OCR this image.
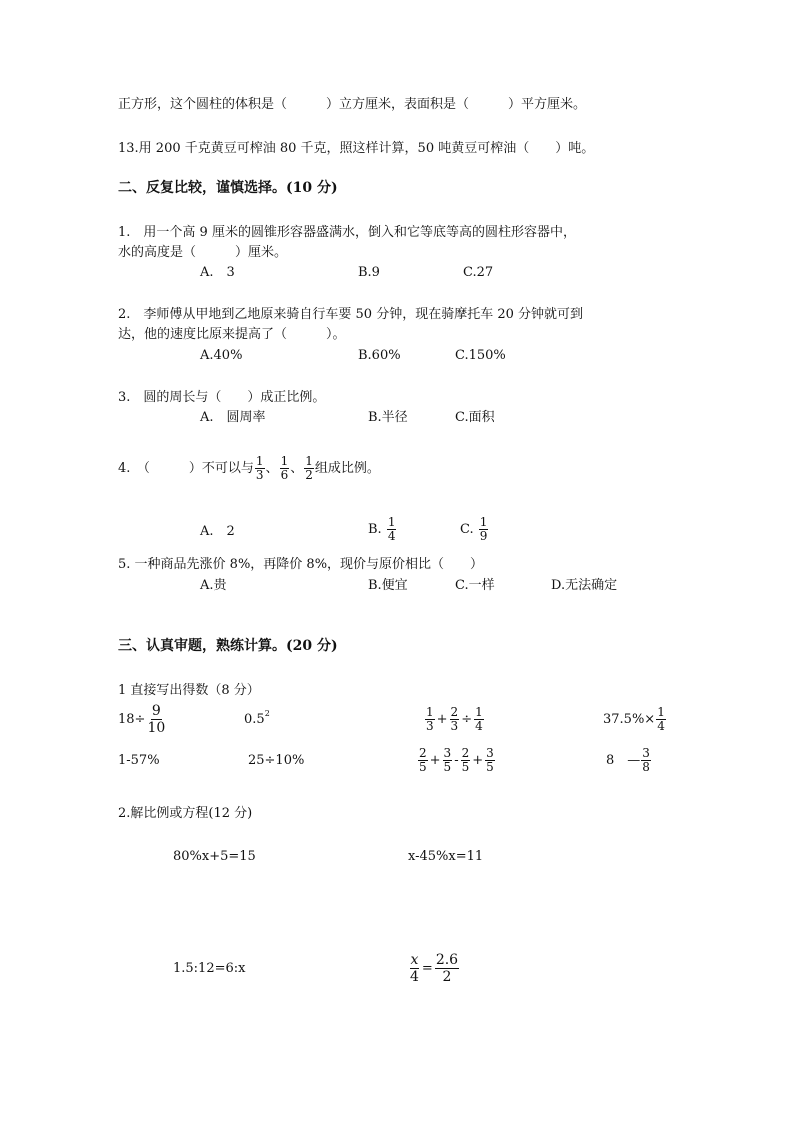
正方形，这个圆柱的体积是（　　　）立方厘米，表面积是（　　　）平方厘米。
13.用 200 千克黄豆可榨油 80 千克，照这样计算，50 吨黄豆可榨油（　　）吨。
二、反复比较，谨慎选择。(10 分)
1.　用一个高 9 厘米的圆锥形容器盛满水，倒入和它等底等高的圆柱形容器中，
水的高度是（　　　）厘米。
A.　3	B.9	C.27
2.　李师傅从甲地到乙地原来骑自行车要 50 分钟，现在骑摩托车 20 分钟就可到
达，他的速度比原来提高了（　　　）。
A.40%	B.60%	C.150%
3.　圆的周长与（　　）成正比例。
A.　圆周率	B.半径	C.面积
4.　（　　　）不可以与 $\frac{1}{3}$ 、 $\frac{1}{6}$ 、 $\frac{1}{2}$ 组成比例。
A.　2	B. $\frac{1}{4}$	C. $\frac{1}{9}$
5. 一种商品先涨价 8%，再降价 8%，现价与原价相比（　　）
A.贵	B.便宜	C.一样	D.无法确定
三、认真审题，熟练计算。(20 分)
1 直接写出得数（8 分）
$18\div \frac{9}{10}$	$0.5^2$	$\frac{1}{3} + \frac{2}{3} \div \frac{1}{4}$	$37.5\%\times \frac{1}{4}$
1-57%	25÷10%	$\frac{2}{5} + \frac{3}{5} - \frac{2}{5} + \frac{3}{5}$	8　— $\frac{3}{8}$
2.解比例或方程(12 分)
80%x+5=15	x-45%x=11
1.5:12=6:x	$\frac{x}{4} = \frac{2.6}{2}$
